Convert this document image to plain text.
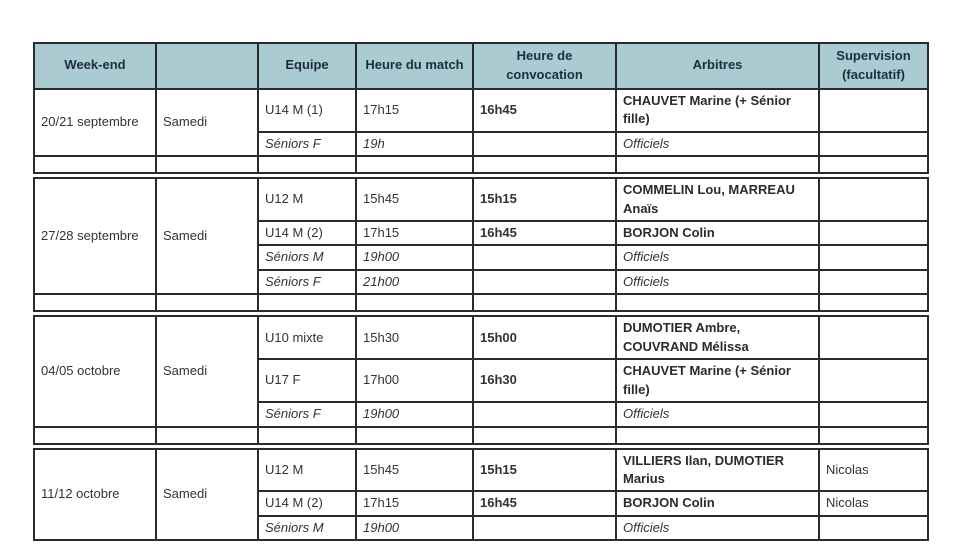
Week-end		Equipe	Heure du match	Heure de convocation	Arbitres	Supervision (facultatif)
20/21 septembre	Samedi	U14 M (1)	17h15	16h45	CHAUVET Marine (+ Sénior fille)	
		Séniors F	19h		Officiels	

27/28 septembre	Samedi	U12 M	15h45	15h15	COMMELIN Lou, MARREAU Anaïs	
		U14 M (2)	17h15	16h45	BORJON Colin	
		Séniors M	19h00		Officiels	
		Séniors F	21h00		Officiels	

04/05 octobre	Samedi	U10 mixte	15h30	15h00	DUMOTIER Ambre, COUVRAND Mélissa	
		U17 F	17h00	16h30	CHAUVET Marine (+ Sénior fille)	
		Séniors F	19h00		Officiels	

11/12 octobre	Samedi	U12 M	15h45	15h15	VILLIERS Ilan, DUMOTIER Marius	Nicolas
		U14 M (2)	17h15	16h45	BORJON Colin	Nicolas
		Séniors M	19h00		Officiels	
